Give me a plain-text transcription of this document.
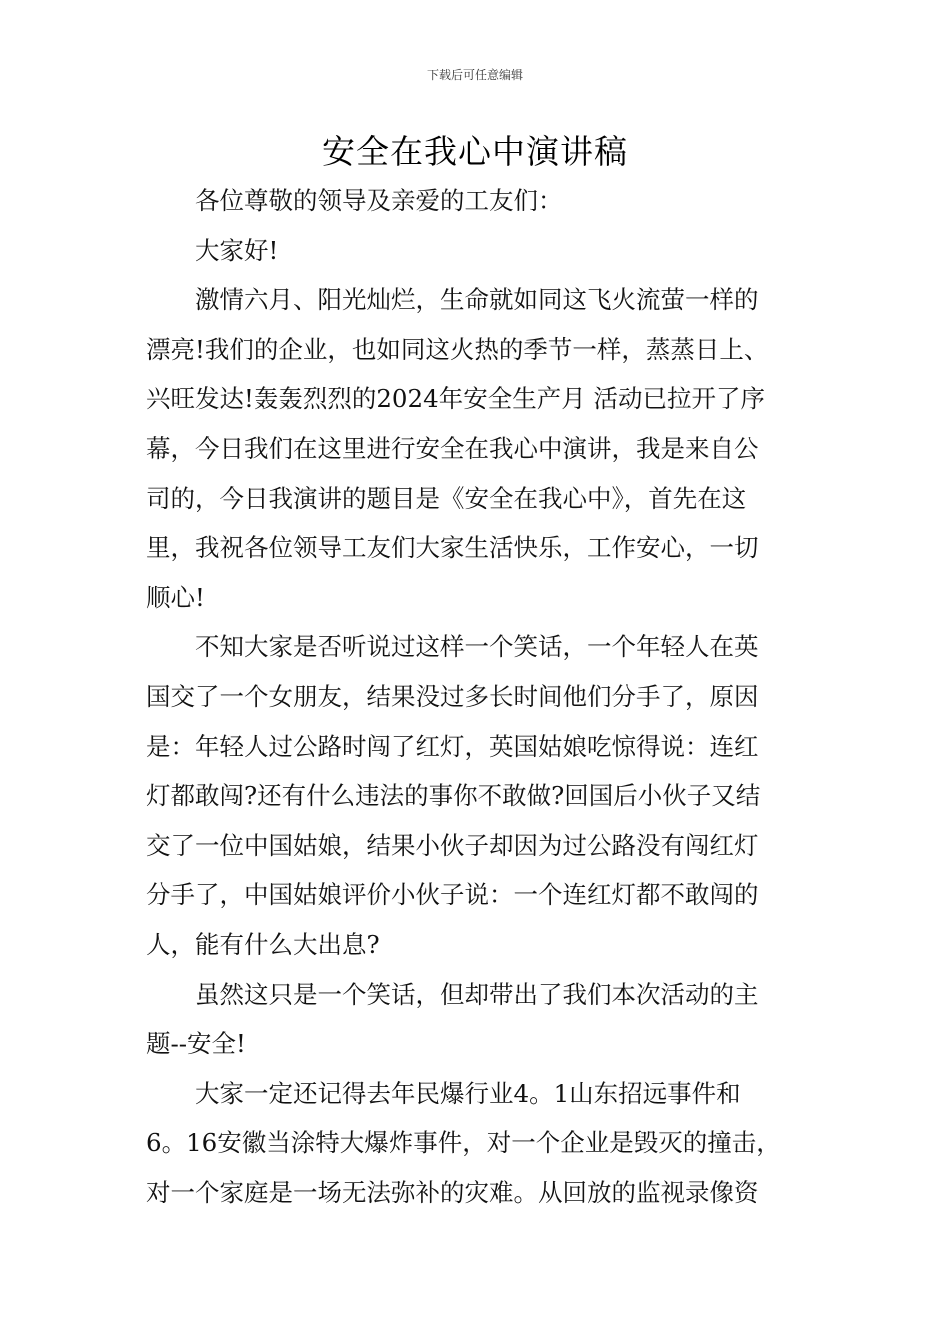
下载后可任意编辑
安全在我心中演讲稿
各位尊敬的领导及亲爱的工友们：
大家好!
激情六月、阳光灿烂，生命就如同这飞火流萤一样的
漂亮!我们的企业，也如同这火热的季节一样，蒸蒸日上、
兴旺发达!轰轰烈烈的2024年安全生产月 活动已拉开了序
幕，今日我们在这里进行安全在我心中演讲，我是来自公
司的，今日我演讲的题目是《安全在我心中》，首先在这
里，我祝各位领导工友们大家生活快乐，工作安心，一切
顺心!
不知大家是否听说过这样一个笑话，一个年轻人在英
国交了一个女朋友，结果没过多长时间他们分手了，原因
是：年轻人过公路时闯了红灯，英国姑娘吃惊得说：连红
灯都敢闯?还有什么违法的事你不敢做?回国后小伙子又结
交了一位中国姑娘，结果小伙子却因为过公路没有闯红灯
分手了，中国姑娘评价小伙子说：一个连红灯都不敢闯的
人，能有什么大出息?
虽然这只是一个笑话，但却带出了我们本次活动的主
题--安全!
大家一定还记得去年民爆行业4。1山东招远事件和
6。16安徽当涂特大爆炸事件，对一个企业是毁灭的撞击，
对一个家庭是一场无法弥补的灾难。从回放的监视录像资
